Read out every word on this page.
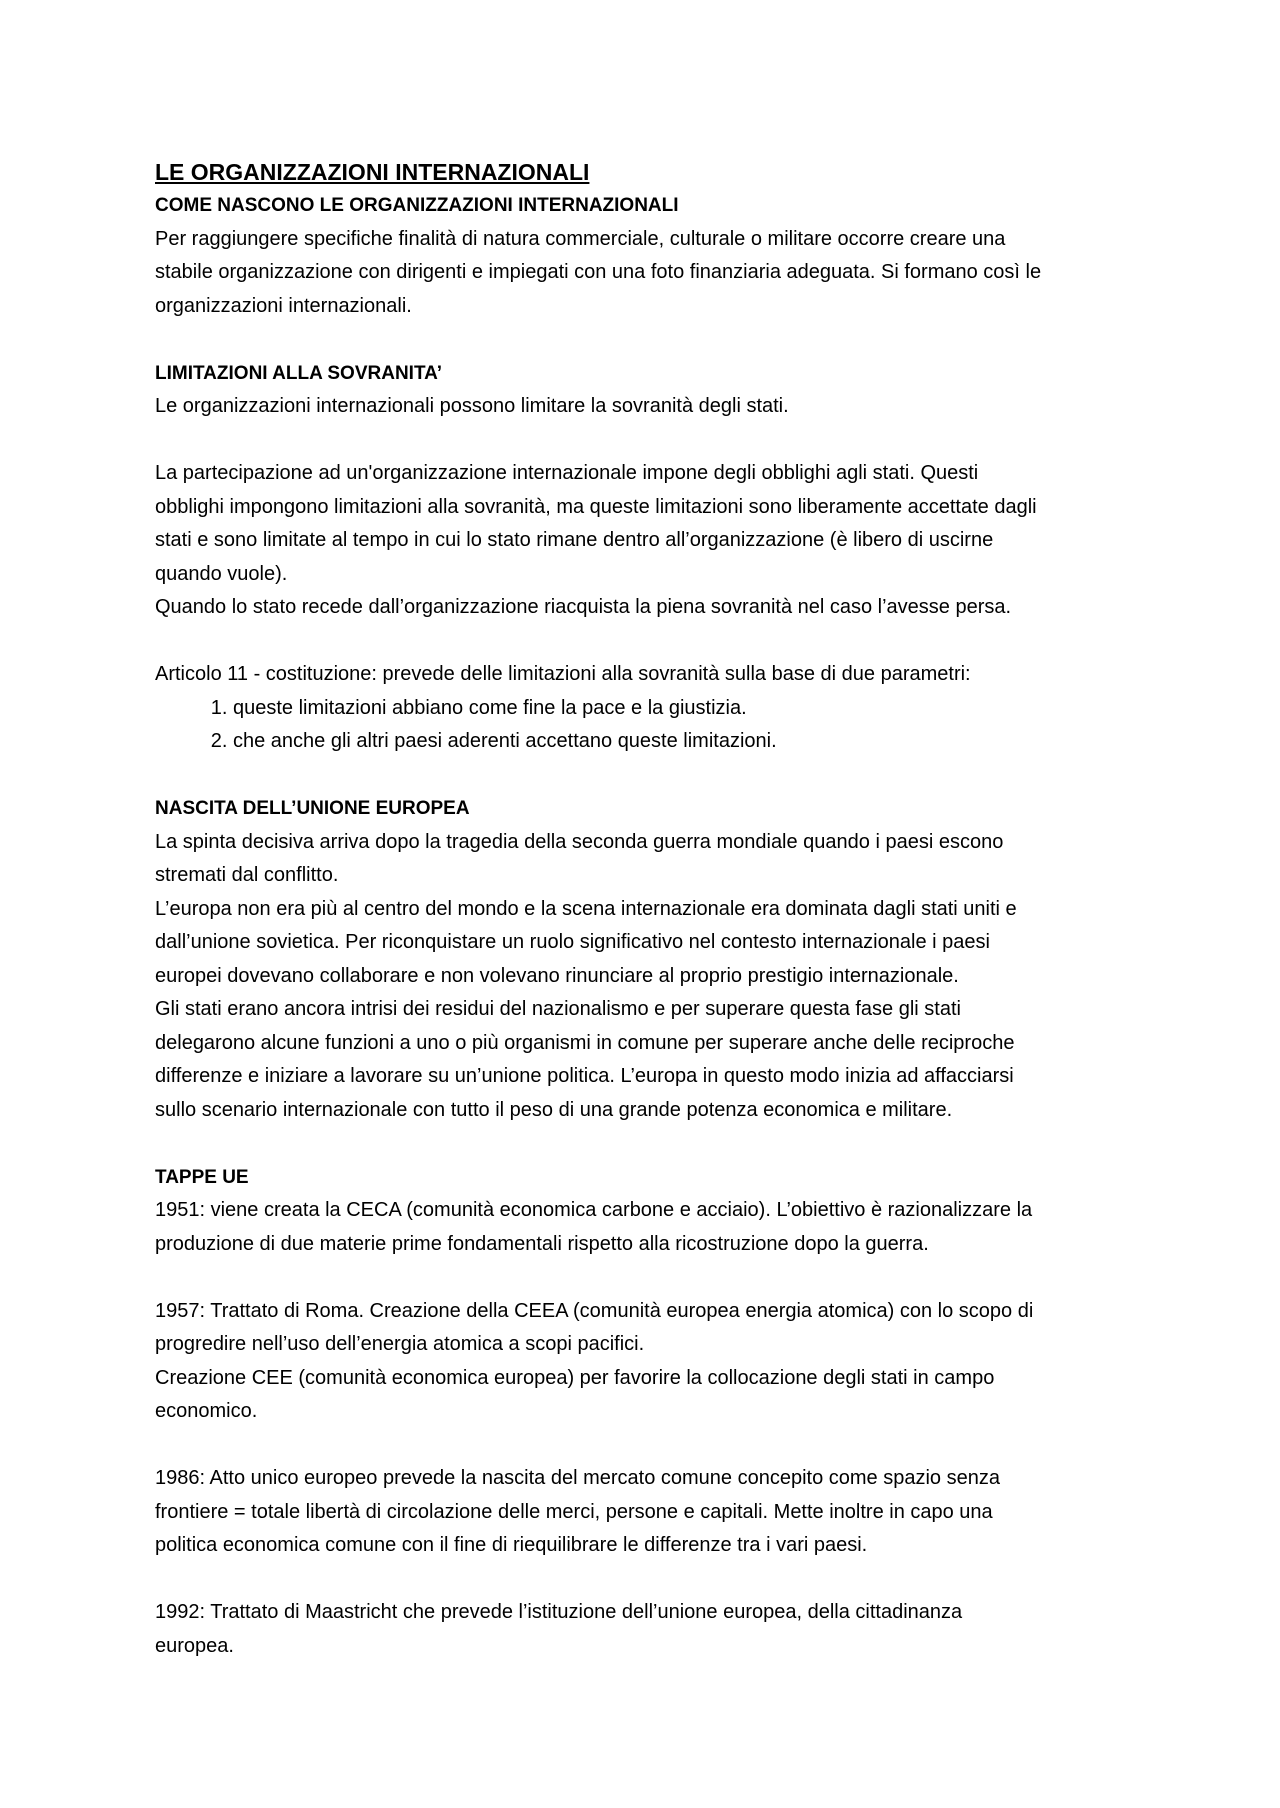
LE ORGANIZZAZIONI INTERNAZIONALI
COME NASCONO LE ORGANIZZAZIONI INTERNAZIONALI

Per raggiungere specifiche finalità di natura commerciale, culturale o militare occorre creare una

stabile organizzazione con dirigenti e impiegati con una foto finanziaria adeguata. Si formano così le

organizzazioni internazionali.

LIMITAZIONI ALLA SOVRANITA’

Le organizzazioni internazionali possono limitare la sovranità degli stati.

La partecipazione ad un'organizzazione internazionale impone degli obblighi agli stati. Questi

obblighi impongono limitazioni alla sovranità, ma queste limitazioni sono liberamente accettate dagli

stati e sono limitate al tempo in cui lo stato rimane dentro all’organizzazione (è libero di uscirne

quando vuole).

Quando lo stato recede dall’organizzazione riacquista la piena sovranità nel caso l’avesse persa.

Articolo 11 - costituzione: prevede delle limitazioni alla sovranità sulla base di due parametri:

1. queste limitazioni abbiano come fine la pace e la giustizia.
2. che anche gli altri paesi aderenti accettano queste limitazioni.
NASCITA DELL’UNIONE EUROPEA

La spinta decisiva arriva dopo la tragedia della seconda guerra mondiale quando i paesi escono

stremati dal conflitto.

L’europa non era più al centro del mondo e la scena internazionale era dominata dagli stati uniti e

dall’unione sovietica. Per riconquistare un ruolo significativo nel contesto internazionale i paesi

europei dovevano collaborare e non volevano rinunciare al proprio prestigio internazionale.

Gli stati erano ancora intrisi dei residui del nazionalismo e per superare questa fase gli stati

delegarono alcune funzioni a uno o più organismi in comune per superare anche delle reciproche

differenze e iniziare a lavorare su un’unione politica. L’europa in questo modo inizia ad affacciarsi

sullo scenario internazionale con tutto il peso di una grande potenza economica e militare.

TAPPE UE

1951: viene creata la CECA (comunità economica carbone e acciaio). L’obiettivo è razionalizzare la

produzione di due materie prime fondamentali rispetto alla ricostruzione dopo la guerra.

1957: Trattato di Roma. Creazione della CEEA (comunità europea energia atomica) con lo scopo di

progredire nell’uso dell’energia atomica a scopi pacifici.

Creazione CEE (comunità economica europea) per favorire la collocazione degli stati in campo

economico.

1986: Atto unico europeo prevede la nascita del mercato comune concepito come spazio senza

frontiere = totale libertà di circolazione delle merci, persone e capitali. Mette inoltre in capo una

politica economica comune con il fine di riequilibrare le differenze tra i vari paesi.

1992: Trattato di Maastricht che prevede l’istituzione dell’unione europea, della cittadinanza

europea.
